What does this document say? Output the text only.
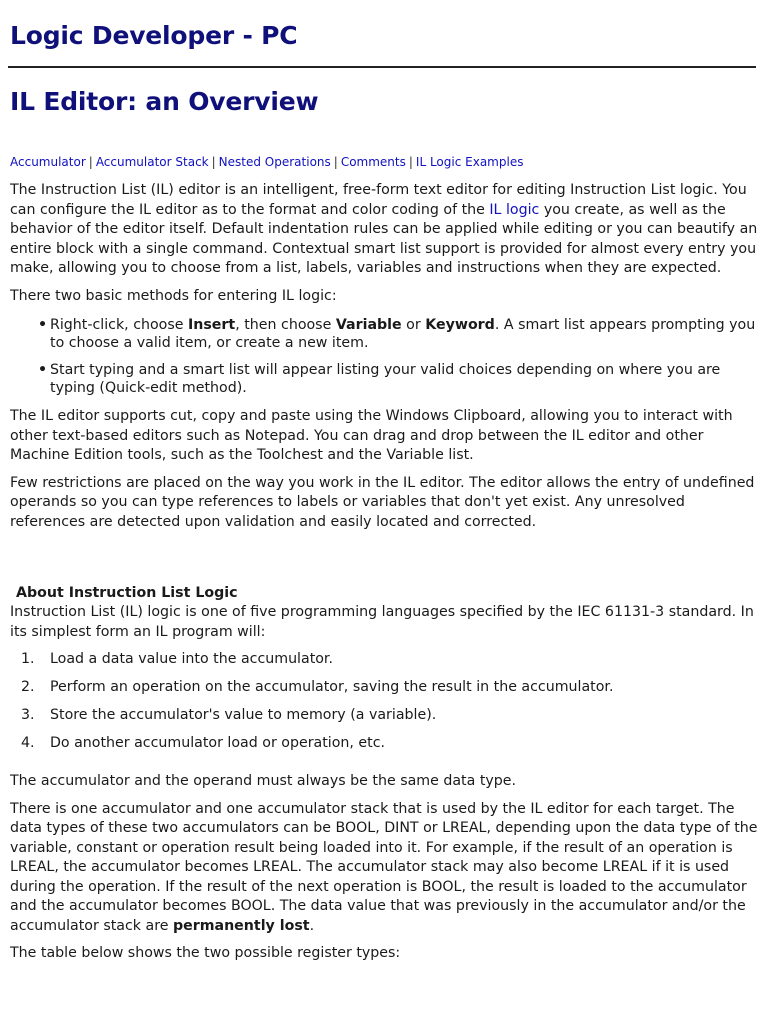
Logic Developer - PC
IL Editor: an Overview
Accumulator | Accumulator Stack | Nested Operations | Comments | IL Logic Examples

The Instruction List (IL) editor is an intelligent, free-form text editor for editing Instruction List logic. You can configure the IL editor as to the format and color coding of the IL logic you create, as well as the behavior of the editor itself. Default indentation rules can be applied while editing or you can beautify an entire block with a single command. Contextual smart list support is provided for almost every entry you make, allowing you to choose from a list, labels, variables and instructions when they are expected.

There two basic methods for entering IL logic:

• Right-click, choose Insert, then choose Variable or Keyword. A smart list appears prompting you to choose a valid item, or create a new item.
• Start typing and a smart list will appear listing your valid choices depending on where you are typing (Quick-edit method).

The IL editor supports cut, copy and paste using the Windows Clipboard, allowing you to interact with other text-based editors such as Notepad. You can drag and drop between the IL editor and other Machine Edition tools, such as the Toolchest and the Variable list.

Few restrictions are placed on the way you work in the IL editor. The editor allows the entry of undefined operands so you can type references to labels or variables that don't yet exist. Any unresolved references are detected upon validation and easily located and corrected.

About Instruction List Logic

Instruction List (IL) logic is one of five programming languages specified by the IEC 61131-3 standard. In its simplest form an IL program will:

1. Load a data value into the accumulator.
2. Perform an operation on the accumulator, saving the result in the accumulator.
3. Store the accumulator's value to memory (a variable).
4. Do another accumulator load or operation, etc.

The accumulator and the operand must always be the same data type.

There is one accumulator and one accumulator stack that is used by the IL editor for each target. The data types of these two accumulators can be BOOL, DINT or LREAL, depending upon the data type of the variable, constant or operation result being loaded into it. For example, if the result of an operation is LREAL, the accumulator becomes LREAL. The accumulator stack may also become LREAL if it is used during the operation. If the result of the next operation is BOOL, the result is loaded to the accumulator and the accumulator becomes BOOL. The data value that was previously in the accumulator and/or the accumulator stack are permanently lost.

The table below shows the two possible register types:
